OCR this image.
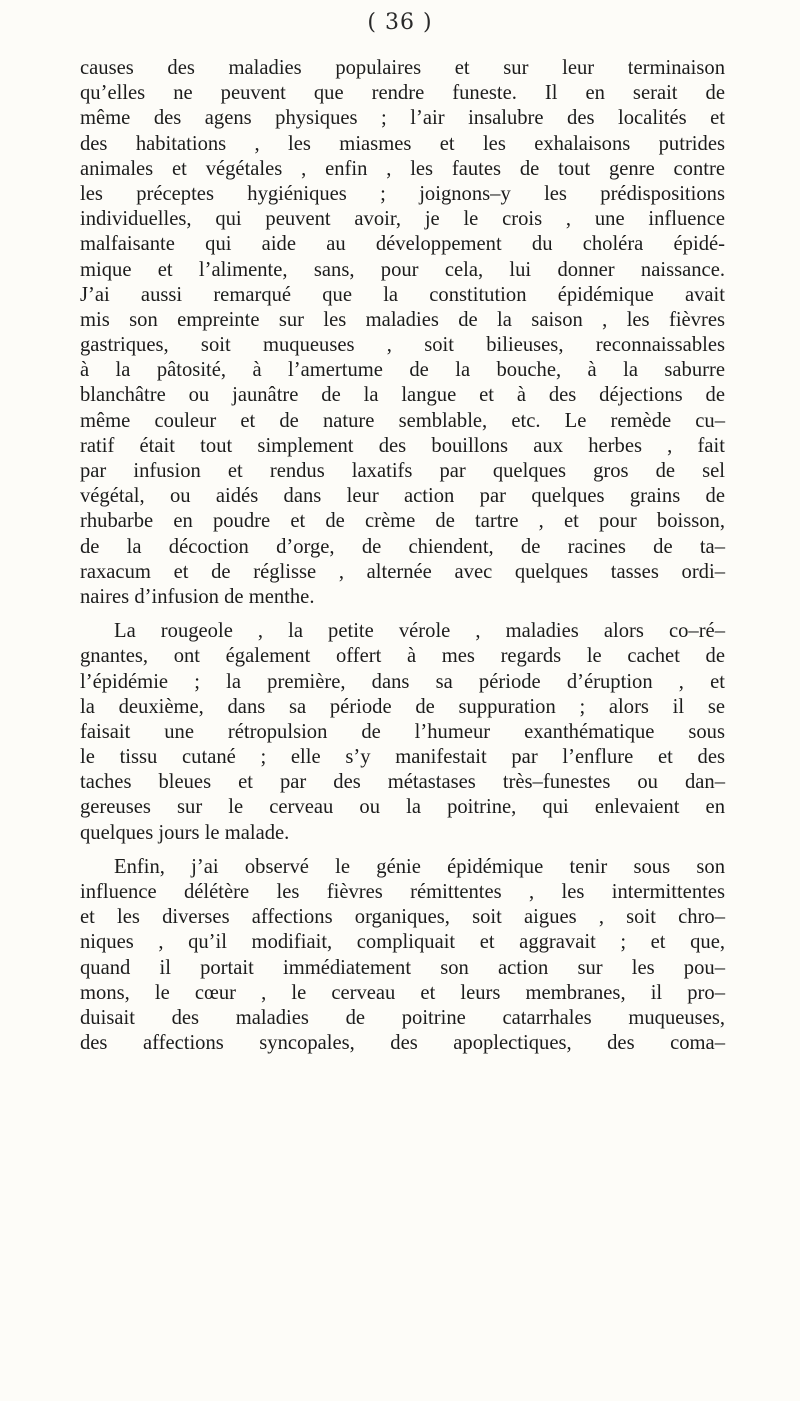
( 36 )
causes des maladies populaires et sur leur terminaison
qu’elles ne peuvent que rendre funeste. Il en serait de
même des agens physiques ; l’air insalubre des localités et
des habitations , les miasmes et les exhalaisons putrides
animales et végétales , enfin , les fautes de tout genre contre
les préceptes hygiéniques ; joignons–y les prédispositions
individuelles, qui peuvent avoir, je le crois , une influence
malfaisante qui aide au développement du choléra épidé-
mique et l’alimente, sans, pour cela, lui donner naissance.
J’ai aussi remarqué que la constitution épidémique avait
mis son empreinte sur les maladies de la saison , les fièvres
gastriques, soit muqueuses , soit bilieuses, reconnaissables
à la pâtosité, à l’amertume de la bouche, à la saburre
blanchâtre ou jaunâtre de la langue et à des déjections de
même couleur et de nature semblable, etc. Le remède cu–
ratif était tout simplement des bouillons aux herbes , fait
par infusion et rendus laxatifs par quelques gros de sel
végétal, ou aidés dans leur action par quelques grains de
rhubarbe en poudre et de crème de tartre , et pour boisson,
de la décoction d’orge, de chiendent, de racines de ta–
raxacum et de réglisse , alternée avec quelques tasses ordi–
naires d’infusion de menthe.
La rougeole , la petite vérole , maladies alors co–ré–
gnantes, ont également offert à mes regards le cachet de
l’épidémie ; la première, dans sa période d’éruption , et
la deuxième, dans sa période de suppuration ; alors il se
faisait une rétropulsion de l’humeur exanthématique sous
le tissu cutané ; elle s’y manifestait par l’enflure et des
taches bleues et par des métastases très–funestes ou dan–
gereuses sur le cerveau ou la poitrine, qui enlevaient en
quelques jours le malade.
Enfin, j’ai observé le génie épidémique tenir sous son
influence délétère les fièvres rémittentes , les intermittentes
et les diverses affections organiques, soit aigues , soit chro–
niques , qu’il modifiait, compliquait et aggravait ; et que,
quand il portait immédiatement son action sur les pou–
mons, le cœur , le cerveau et leurs membranes, il pro–
duisait des maladies de poitrine catarrhales muqueuses,
des affections syncopales, des apoplectiques, des coma–
